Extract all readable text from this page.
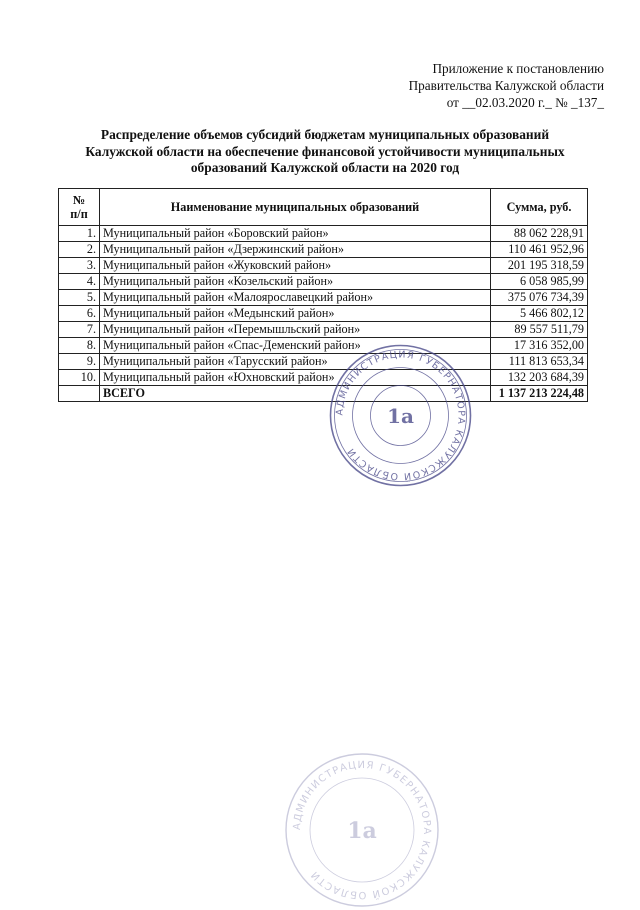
Приложение к постановлению
Правительства Калужской области
от __02.03.2020 г._ № _137_
Распределение объемов субсидий бюджетам муниципальных образований
Калужской области на обеспечение финансовой устойчивости муниципальных
образований Калужской области на 2020 год
№
п/п	Наименование муниципальных образований	Сумма, руб.
1.	Муниципальный район «Боровский район»	88 062 228,91
2.	Муниципальный район «Дзержинский район»	110 461 952,96
3.	Муниципальный район «Жуковский район»	201 195 318,59
4.	Муниципальный район «Козельский район»	6 058 985,99
5.	Муниципальный район «Малоярославецкий район»	375 076 734,39
6.	Муниципальный район «Медынский район»	5 466 802,12
7.	Муниципальный район «Перемышльский район»	89 557 511,79
8.	Муниципальный район «Спас-Деменский район»	17 316 352,00
9.	Муниципальный район «Тарусский район»	111 813 653,34
10.	Муниципальный район «Юхновский район»	132 203 684,39
	ВСЕГО	1 137 213 224,48
АДМИНИСТРАЦИЯ ГУБЕРНАТОРА КАЛУЖСКОЙ ОБЛАСТИ
1а
АДМИНИСТРАЦИЯ ГУБЕРНАТОРА КАЛУЖСКОЙ ОБЛАСТИ
1а
